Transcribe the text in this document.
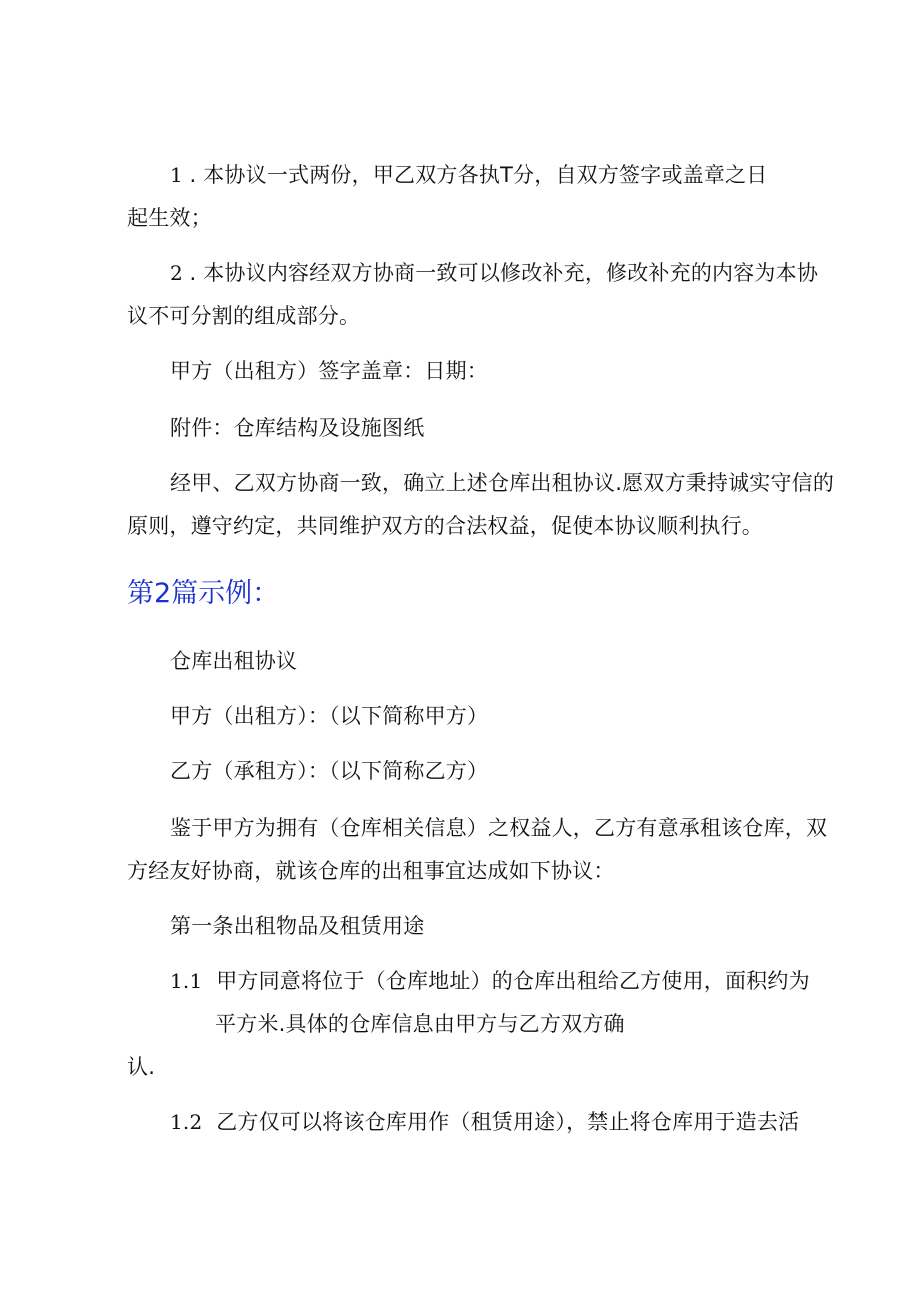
1 . 本协议一式两份，甲乙双方各执T分，自双方签字或盖章之日
起生效；
2 . 本协议内容经双方协商一致可以修改补充，修改补充的内容为本协
议不可分割的组成部分。
甲方（出租方）签字盖章：日期：
附件：仓库结构及设施图纸
经甲、乙双方协商一致，确立上述仓库出租协议.愿双方秉持诚实守信的
原则，遵守约定，共同维护双方的合法权益，促使本协议顺利执行。
第2篇示例：
仓库出租协议
甲方（出租方）：（以下简称甲方）
乙方（承租方）：（以下简称乙方）
鉴于甲方为拥有（仓库相关信息）之权益人，乙方有意承租该仓库，双
方经友好协商，就该仓库的出租事宜达成如下协议：
第一条出租物品及租赁用途
1.1 甲方同意将位于（仓库地址）的仓库出租给乙方使用，面积约为
平方米.具体的仓库信息由甲方与乙方双方确
认.
1.2 乙方仅可以将该仓库用作（租赁用途），禁止将仓库用于造去活
